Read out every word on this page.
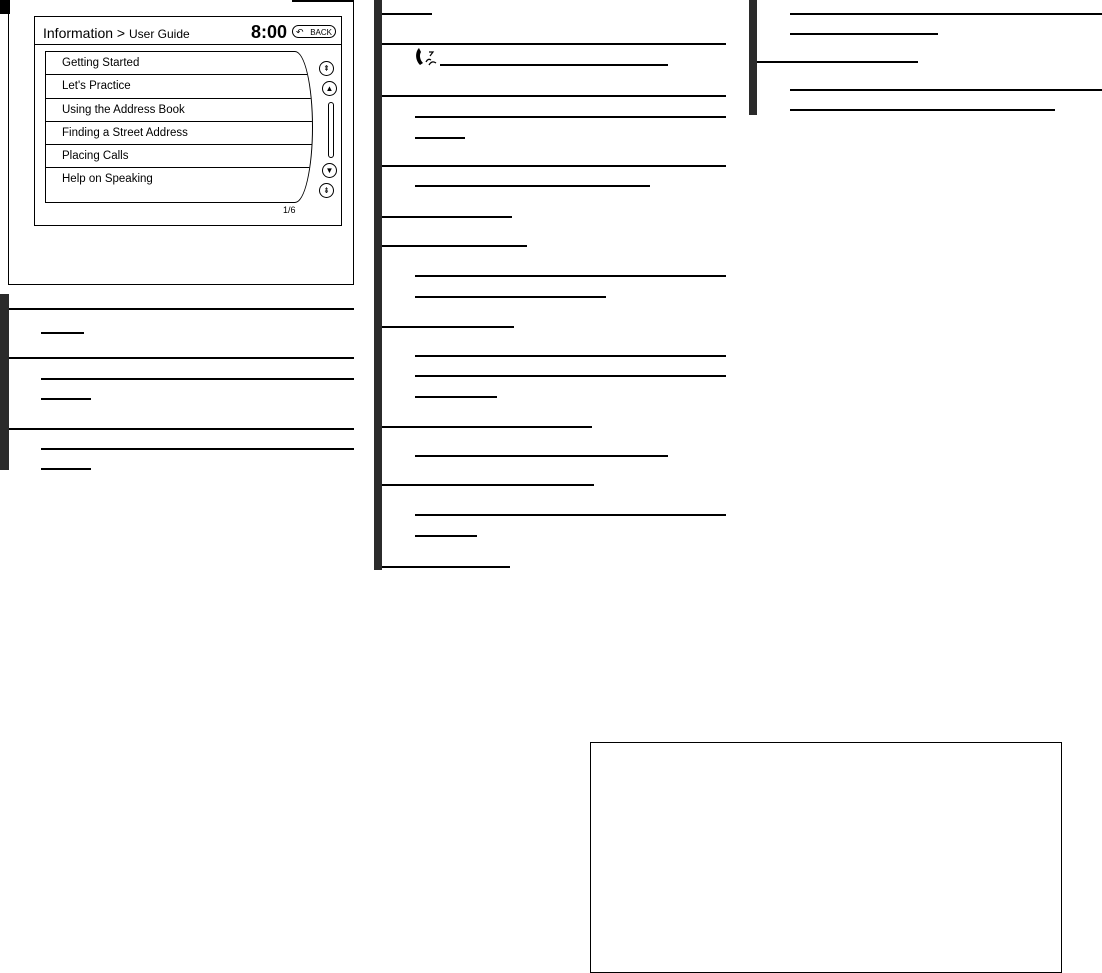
Information > User Guide	8:00 ↶ BACK
Getting Started
Let's Practice
Using the Address Book
Finding a Street Address
Placing Calls
Help on Speaking
⇞
▲
▼
⇟
1/6
